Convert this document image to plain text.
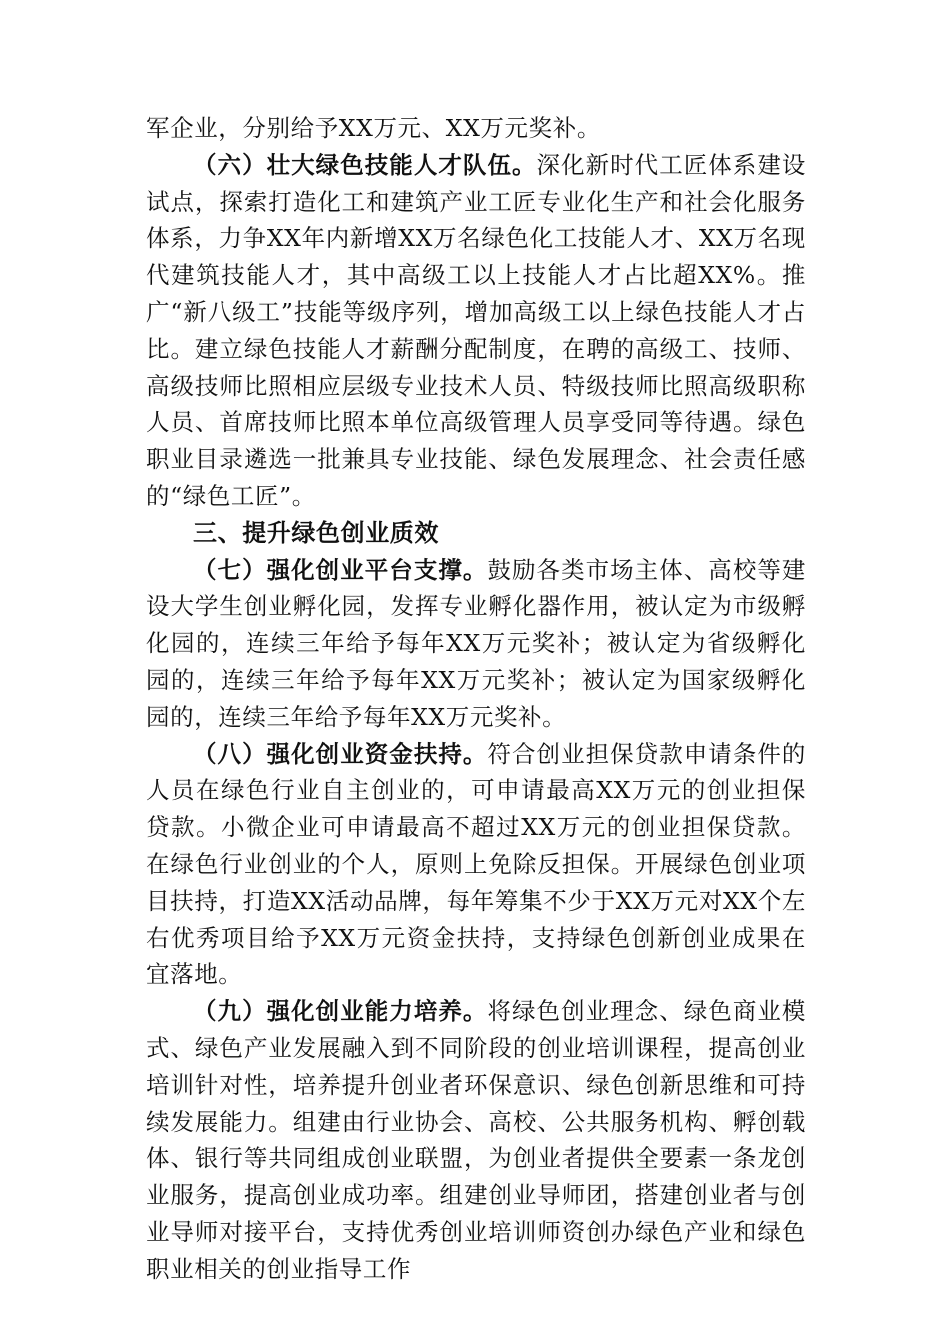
军企业，分别给予XX万元、XX万元奖补。

（六）壮大绿色技能人才队伍。深化新时代工匠体系建设试点，探索打造化工和建筑产业工匠专业化生产和社会化服务体系，力争XX年内新增XX万名绿色化工技能人才、XX万名现代建筑技能人才，其中高级工以上技能人才占比超XX%。推广“新八级工”技能等级序列，增加高级工以上绿色技能人才占比。建立绿色技能人才薪酬分配制度，在聘的高级工、技师、高级技师比照相应层级专业技术人员、特级技师比照高级职称人员、首席技师比照本单位高级管理人员享受同等待遇。绿色职业目录遴选一批兼具专业技能、绿色发展理念、社会责任感的“绿色工匠”。

三、提升绿色创业质效

（七）强化创业平台支撑。鼓励各类市场主体、高校等建设大学生创业孵化园，发挥专业孵化器作用，被认定为市级孵化园的，连续三年给予每年XX万元奖补；被认定为省级孵化园的，连续三年给予每年XX万元奖补；被认定为国家级孵化园的，连续三年给予每年XX万元奖补。

（八）强化创业资金扶持。符合创业担保贷款申请条件的人员在绿色行业自主创业的，可申请最高XX万元的创业担保贷款。小微企业可申请最高不超过XX万元的创业担保贷款。在绿色行业创业的个人，原则上免除反担保。开展绿色创业项目扶持，打造XX活动品牌，每年筹集不少于XX万元对XX个左右优秀项目给予XX万元资金扶持，支持绿色创新创业成果在宜落地。

（九）强化创业能力培养。将绿色创业理念、绿色商业模式、绿色产业发展融入到不同阶段的创业培训课程，提高创业培训针对性，培养提升创业者环保意识、绿色创新思维和可持续发展能力。组建由行业协会、高校、公共服务机构、孵创载体、银行等共同组成创业联盟，为创业者提供全要素一条龙创业服务，提高创业成功率。组建创业导师团，搭建创业者与创业导师对接平台，支持优秀创业培训师资创办绿色产业和绿色职业相关的创业指导工作
